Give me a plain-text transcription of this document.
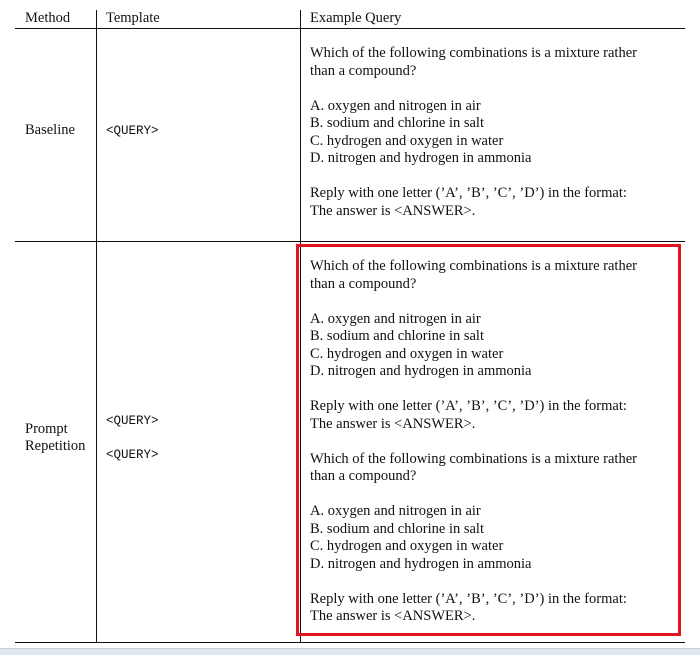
Method Template	Example Query
Baseline <QUERY>

Which of the following combinations is a mixture rather

than a compound?

A. oxygen and nitrogen in air

B. sodium and chlorine in salt

C. hydrogen and oxygen in water

D. nitrogen and hydrogen in ammonia

Reply with one letter (’A’, ’B’, ’C’, ’D’) in the format:

The answer is <ANSWER>.

Prompt
Repetition
<QUERY>
<QUERY>

Which of the following combinations is a mixture rather

than a compound?

A. oxygen and nitrogen in air

B. sodium and chlorine in salt

C. hydrogen and oxygen in water

D. nitrogen and hydrogen in ammonia

Reply with one letter (’A’, ’B’, ’C’, ’D’) in the format:

The answer is <ANSWER>.

Which of the following combinations is a mixture rather

than a compound?

A. oxygen and nitrogen in air

B. sodium and chlorine in salt

C. hydrogen and oxygen in water

D. nitrogen and hydrogen in ammonia

Reply with one letter (’A’, ’B’, ’C’, ’D’) in the format:

The answer is <ANSWER>.
